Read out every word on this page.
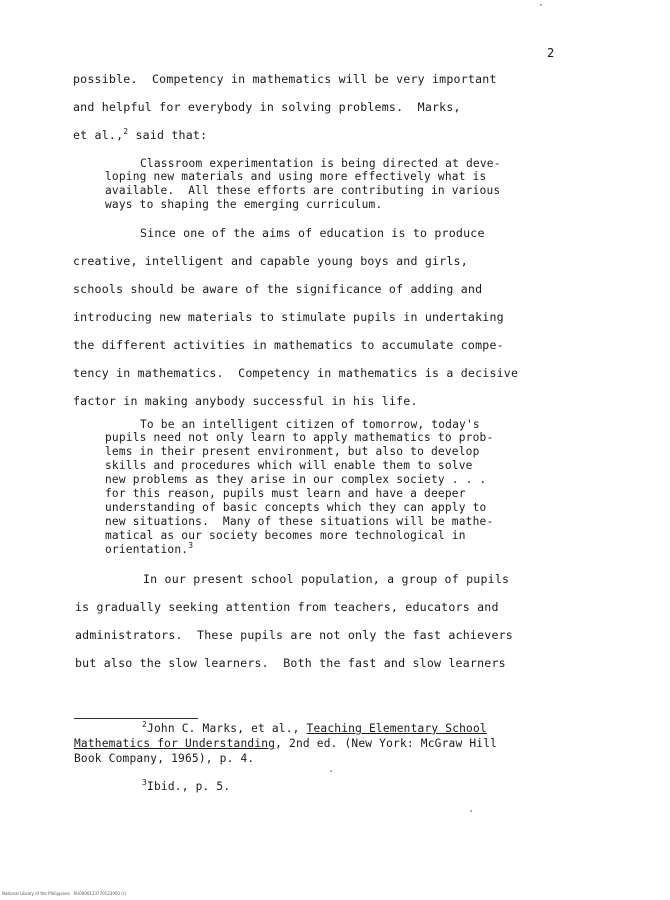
2
possible.  Competency in mathematics will be very important
and helpful for everybody in solving problems.  Marks,
et al.,$^2$ said that:
Classroom experimentation is being directed at deve-
loping new materials and using more effectively what is
available.  All these efforts are contributing in various
ways to shaping the emerging curriculum.
Since one of the aims of education is to produce
creative, intelligent and capable young boys and girls,
schools should be aware of the significance of adding and
introducing new materials to stimulate pupils in undertaking
the different activities in mathematics to accumulate compe-
tency in mathematics.  Competency in mathematics is a decisive
factor in making anybody successful in his life.
To be an intelligent citizen of tomorrow, today's
pupils need not only learn to apply mathematics to prob-
lems in their present environment, but also to develop
skills and procedures which will enable them to solve
new problems as they arise in our complex society . . .
for this reason, pupils must learn and have a deeper
understanding of basic concepts which they can apply to
new situations.  Many of these situations will be mathe-
matical as our society becomes more technological in
orientation.$^3$
In our present school population, a group of pupils
is gradually seeking attention from teachers, educators and
administrators.  These pupils are not only the fast achievers
but also the slow learners.  Both the fast and slow learners
$^2$John C. Marks, et al., Teaching Elementary School
Mathematics for Understanding, 2nd ed. (New York: McGraw Hill
Book Company, 1965), p. 4.
$^3$Ibid., p. 5.
National Library of the Philippines   RU0000123770123950 (c)
